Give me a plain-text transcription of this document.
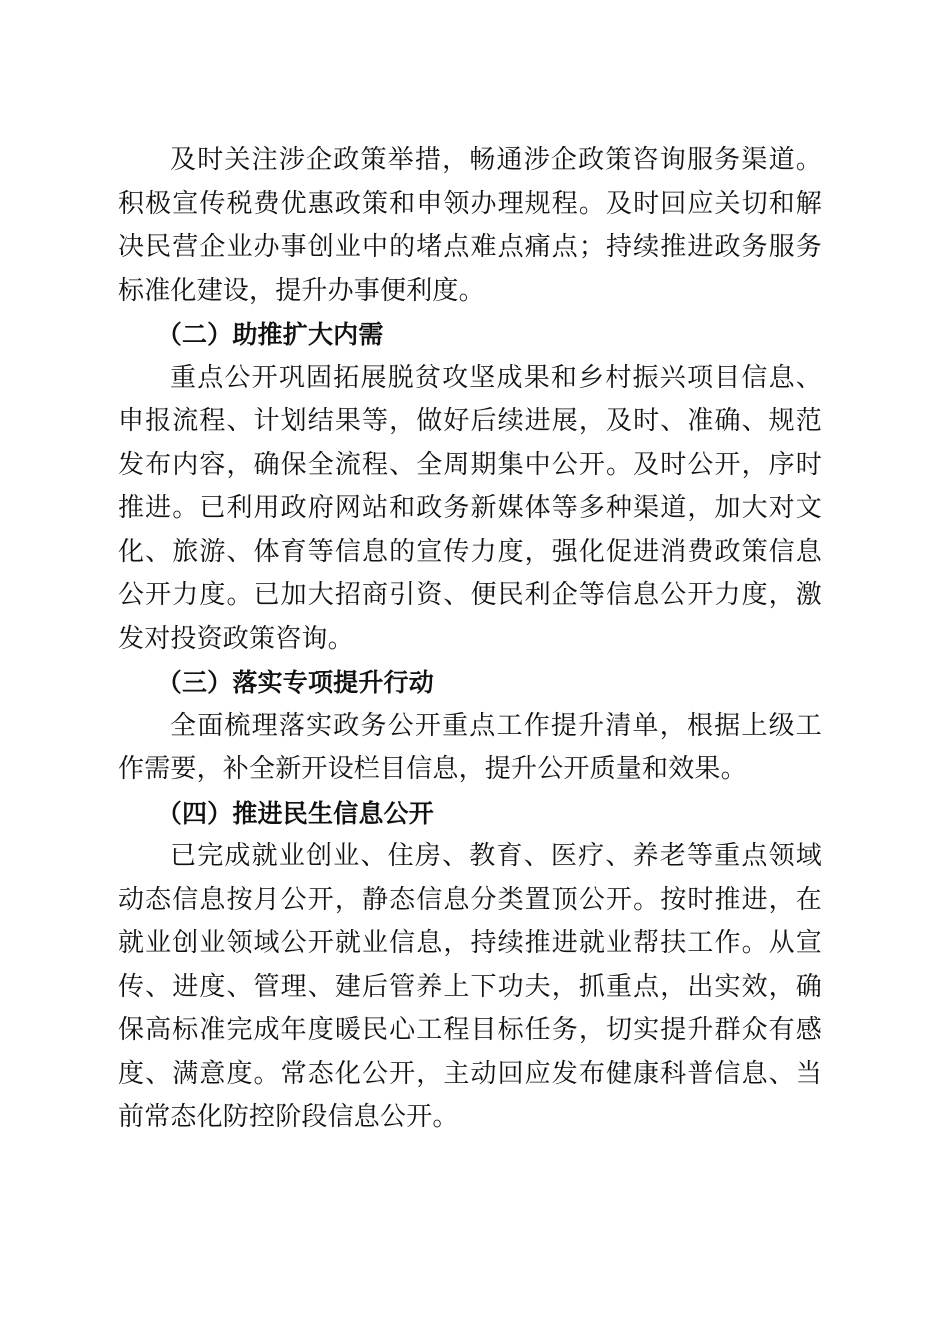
及时关注涉企政策举措，畅通涉企政策咨询服务渠道。积极宣传税费优惠政策和申领办理规程。及时回应关切和解决民营企业办事创业中的堵点难点痛点；持续推进政务服务标准化建设，提升办事便利度。

（二）助推扩大内需

重点公开巩固拓展脱贫攻坚成果和乡村振兴项目信息、申报流程、计划结果等，做好后续进展，及时、准确、规范发布内容，确保全流程、全周期集中公开。及时公开，序时推进。已利用政府网站和政务新媒体等多种渠道，加大对文化、旅游、体育等信息的宣传力度，强化促进消费政策信息公开力度。已加大招商引资、便民利企等信息公开力度，激发对投资政策咨询。

（三）落实专项提升行动

全面梳理落实政务公开重点工作提升清单，根据上级工作需要，补全新开设栏目信息，提升公开质量和效果。

（四）推进民生信息公开

已完成就业创业、住房、教育、医疗、养老等重点领域动态信息按月公开，静态信息分类置顶公开。按时推进，在就业创业领域公开就业信息，持续推进就业帮扶工作。从宣传、进度、管理、建后管养上下功夫，抓重点，出实效，确保高标准完成年度暖民心工程目标任务，切实提升群众有感度、满意度。常态化公开，主动回应发布健康科普信息、当前常态化防控阶段信息公开。
